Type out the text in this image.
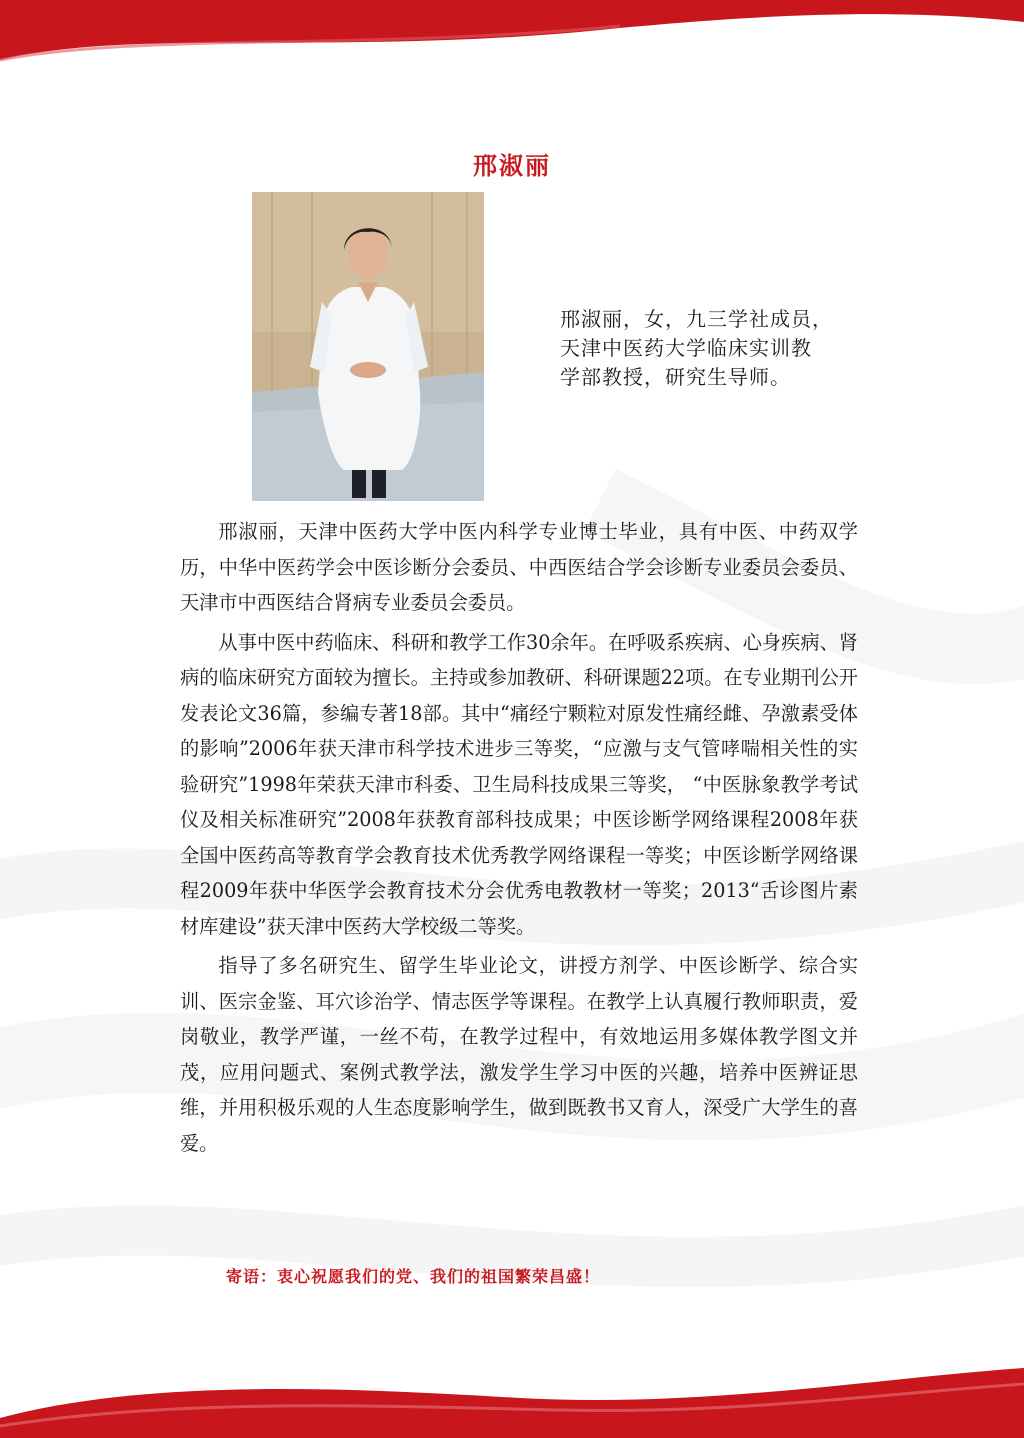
邢淑丽

邢淑丽，女，九三学社成员，

天津中医药大学临床实训教

学部教授，研究生导师。

邢淑丽，天津中医药大学中医内科学专业博士毕业，具有中医、中药双学历，中华中医药学会中医诊断分会委员、中西医结合学会诊断专业委员会委员、天津市中西医结合肾病专业委员会委员。

从事中医中药临床、科研和教学工作30余年。在呼吸系疾病、心身疾病、肾病的临床研究方面较为擅长。主持或参加教研、科研课题22项。在专业期刊公开发表论文36篇，参编专著18部。其中“痛经宁颗粒对原发性痛经雌、孕激素受体的影响”2006年获天津市科学技术进步三等奖，“应激与支气管哮喘相关性的实验研究”1998年荣获天津市科委、卫生局科技成果三等奖， “中医脉象教学考试仪及相关标准研究”2008年获教育部科技成果；中医诊断学网络课程2008年获全国中医药高等教育学会教育技术优秀教学网络课程一等奖；中医诊断学网络课程2009年获中华医学会教育技术分会优秀电教教材一等奖；2013“舌诊图片素材库建设”获天津中医药大学校级二等奖。

指导了多名研究生、留学生毕业论文，讲授方剂学、中医诊断学、综合实训、医宗金鉴、耳穴诊治学、情志医学等课程。在教学上认真履行教师职责，爱岗敬业，教学严谨，一丝不苟，在教学过程中，有效地运用多媒体教学图文并茂，应用问题式、案例式教学法，激发学生学习中医的兴趣，培养中医辨证思维，并用积极乐观的人生态度影响学生，做到既教书又育人，深受广大学生的喜爱。

寄语：衷心祝愿我们的党、我们的祖国繁荣昌盛！
